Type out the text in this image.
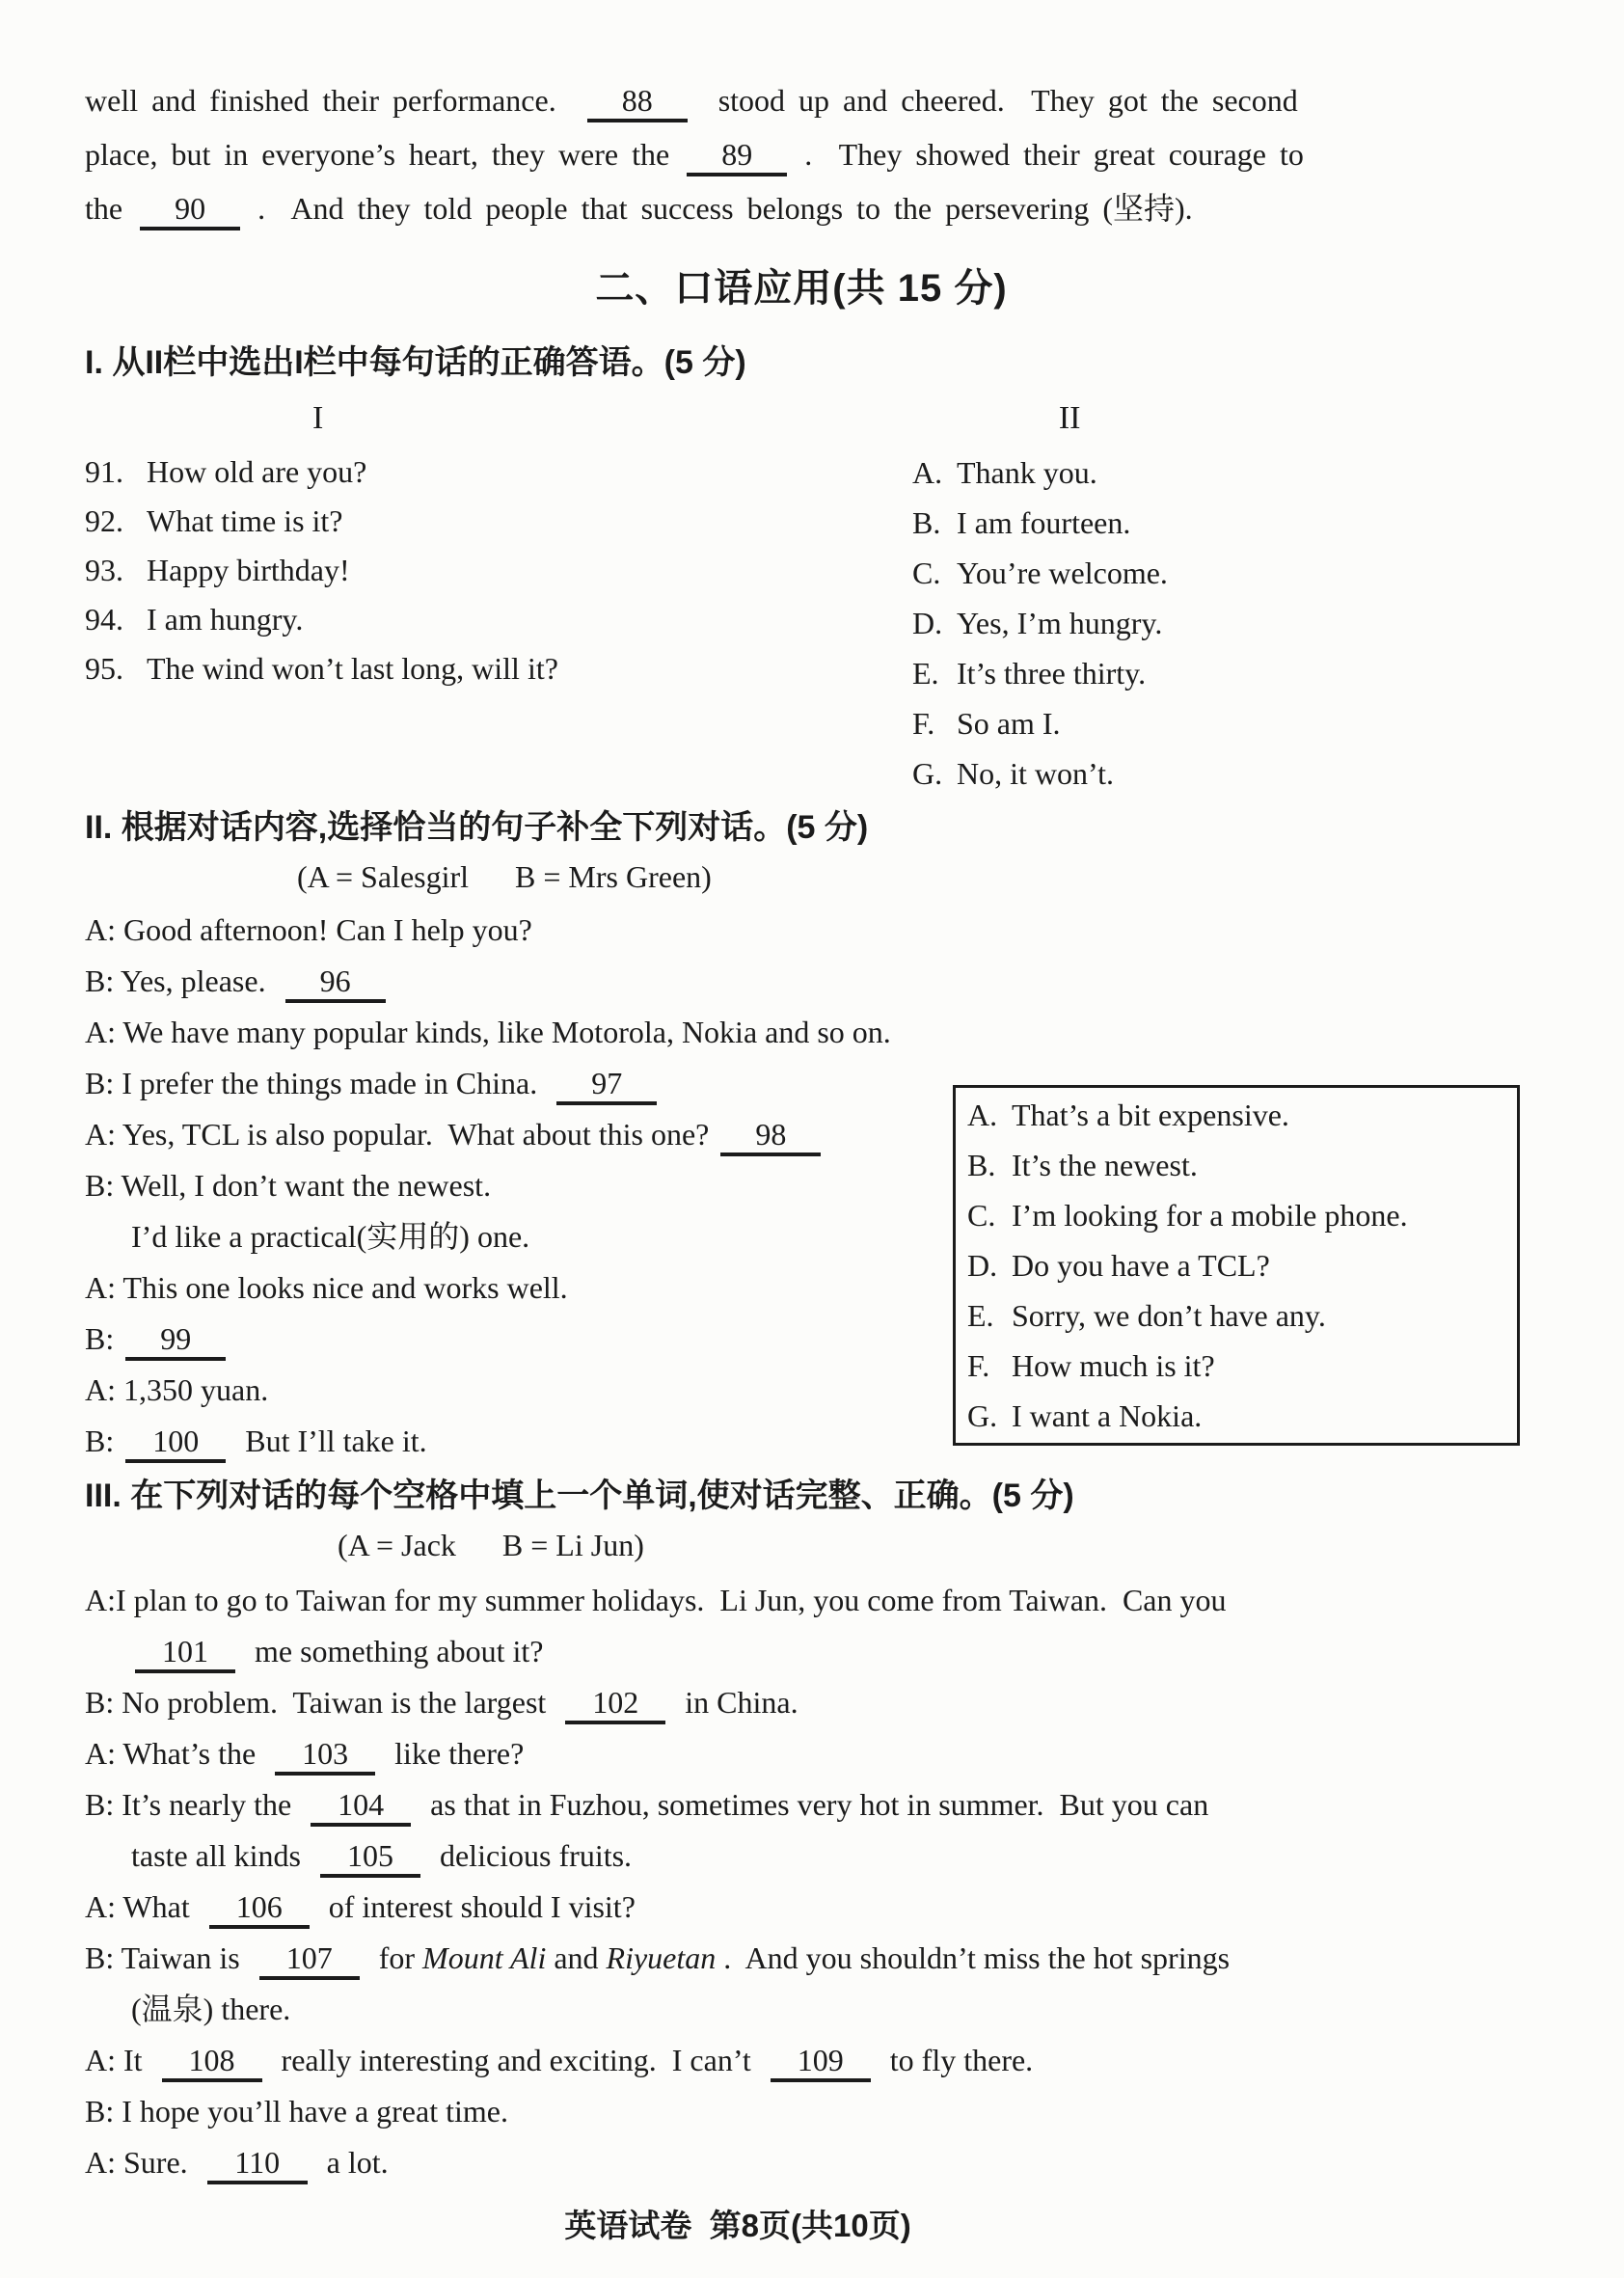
well and finished their performance.  88  stood up and cheered.  They got the second
place, but in everyone’s heart, they were the 89 .  They showed their great courage to
the 90 .  And they told people that success belongs to the persevering (坚持).
二、口语应用(共 15 分)
I. 从II栏中选出I栏中每句话的正确答语。(5 分)
I	II
91. How old are you?
92. What time is it?
93. Happy birthday!
94. I am hungry.
95. The wind won’t last long, will it?
A. Thank you.
B. I am fourteen.
C. You’re welcome.
D. Yes, I’m hungry.
E. It’s three thirty.
F. So am I.
G. No, it won’t.
II. 根据对话内容,选择恰当的句子补全下列对话。(5 分)
(A = Salesgirl      B = Mrs Green)
A: Good afternoon! Can I help you?
B: Yes, please.  96
A: We have many popular kinds, like Motorola, Nokia and so on.
B: I prefer the things made in China.  97
A: Yes, TCL is also popular.  What about this one? 98
B: Well, I don’t want the newest.
I’d like a practical(实用的) one.
A: This one looks nice and works well.
B: 99
A: 1,350 yuan.
B: 100  But I’ll take it.
III. 在下列对话的每个空格中填上一个单词,使对话完整、正确。(5 分)
(A = Jack      B = Li Jun)
A:I plan to go to Taiwan for my summer holidays.  Li Jun, you come from Taiwan.  Can you
101  me something about it?
B: No problem.  Taiwan is the largest  102  in China.
A: What’s the  103  like there?
B: It’s nearly the  104  as that in Fuzhou, sometimes very hot in summer.  But you can
taste all kinds  105  delicious fruits.
A: What  106  of interest should I visit?
B: Taiwan is  107  for Mount Ali and Riyuetan .  And you shouldn’t miss the hot springs
(温泉) there.
A: It  108  really interesting and exciting.  I can’t  109  to fly there.
B: I hope you’ll have a great time.
A: Sure.  110  a lot.
英语试卷  第8页(共10页)
A. That’s a bit expensive.
B. It’s the newest.
C. I’m looking for a mobile phone.
D. Do you have a TCL?
E. Sorry, we don’t have any.
F. How much is it?
G. I want a Nokia.
